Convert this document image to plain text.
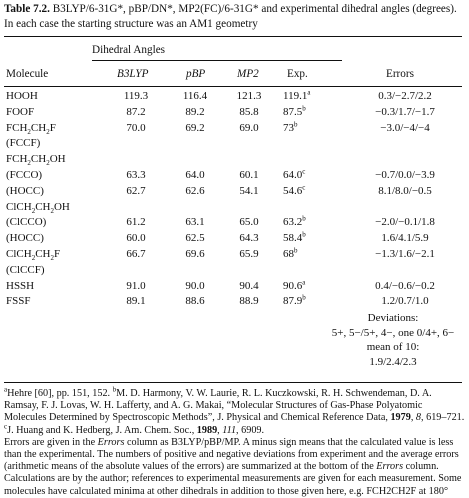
Table 7.2. B3LYP/6-31G*, pBP/DN*, MP2(FC)/6-31G* and experimental dihedral angles (degrees). In each case the starting structure was an AM1 geometry
Dihedral Angles
Molecule	B3LYP	pBP	MP2	Exp.	Errors
HOOH	119.3	116.4	121.3	119.1$^a$	0.3/−2.7/2.2
FOOF	87.2	89.2	85.8	87.5$^b$	−0.3/1.7/−1.7
$FCH_2CH_2F$	70.0	69.2	69.0	$73^b$	−3.0/−4/−4
(FCCF)
$FCH_2CH_2OH$
(FCCO)	63.3	64.0	60.1	64.0$^c$	−0.7/0.0/−3.9
(HOCC)	62.7	62.6	54.1	54.6$^c$	8.1/8.0/−0.5
$ClCH_2CH_2OH$
(ClCCO)	61.2	63.1	65.0	63.2$^b$	−2.0/−0.1/1.8
(HOCC)	60.0	62.5	64.3	58.4$^b$	1.6/4.1/5.9
$ClCH_2CH_2F$	66.7	69.6	65.9	$68^b$	−1.3/1.6/−2.1
(ClCCF)
HSSH	91.0	90.0	90.4	90.6$^a$	0.4/−0.6/−0.2
FSSF	89.1	88.6	88.9	87.9$^b$	1.2/0.7/1.0
Deviations:
5+, 5−/5+, 4−, one 0/4+, 6−
mean of 10:
1.9/2.4/2.3

$^a$Hehre [60], pp. 151, 152. $^b$M. D. Harmony, V. W. Laurie, R. L. Kuczkowski, R. H. Schwendeman, D. A. Ramsay, F. J. Lovas, W. H. Lafferty, and A. G. Makai, “Molecular Structures of Gas-Phase Polyatomic Molecules Determined by Spectroscopic Methods”, J. Physical and Chemical Reference Data, 1979, 8, 619–721. $^c$J. Huang and K. Hedberg, J. Am. Chem. Soc., 1989, 111, 6909.

Errors are given in the Errors column as B3LYP/pBP/MP. A minus sign means that the calculated value is less than the experimental. The numbers of positive and negative deviations from experiment and the average errors (arithmetic means of the absolute values of the errors) are summarized at the bottom of the Errors column. Calculations are by the author; references to experimental measurements are given for each measurement. Some molecules have calculated minima at other dihedrals in addition to those given here, e.g. FCH2CH2F at 180°
